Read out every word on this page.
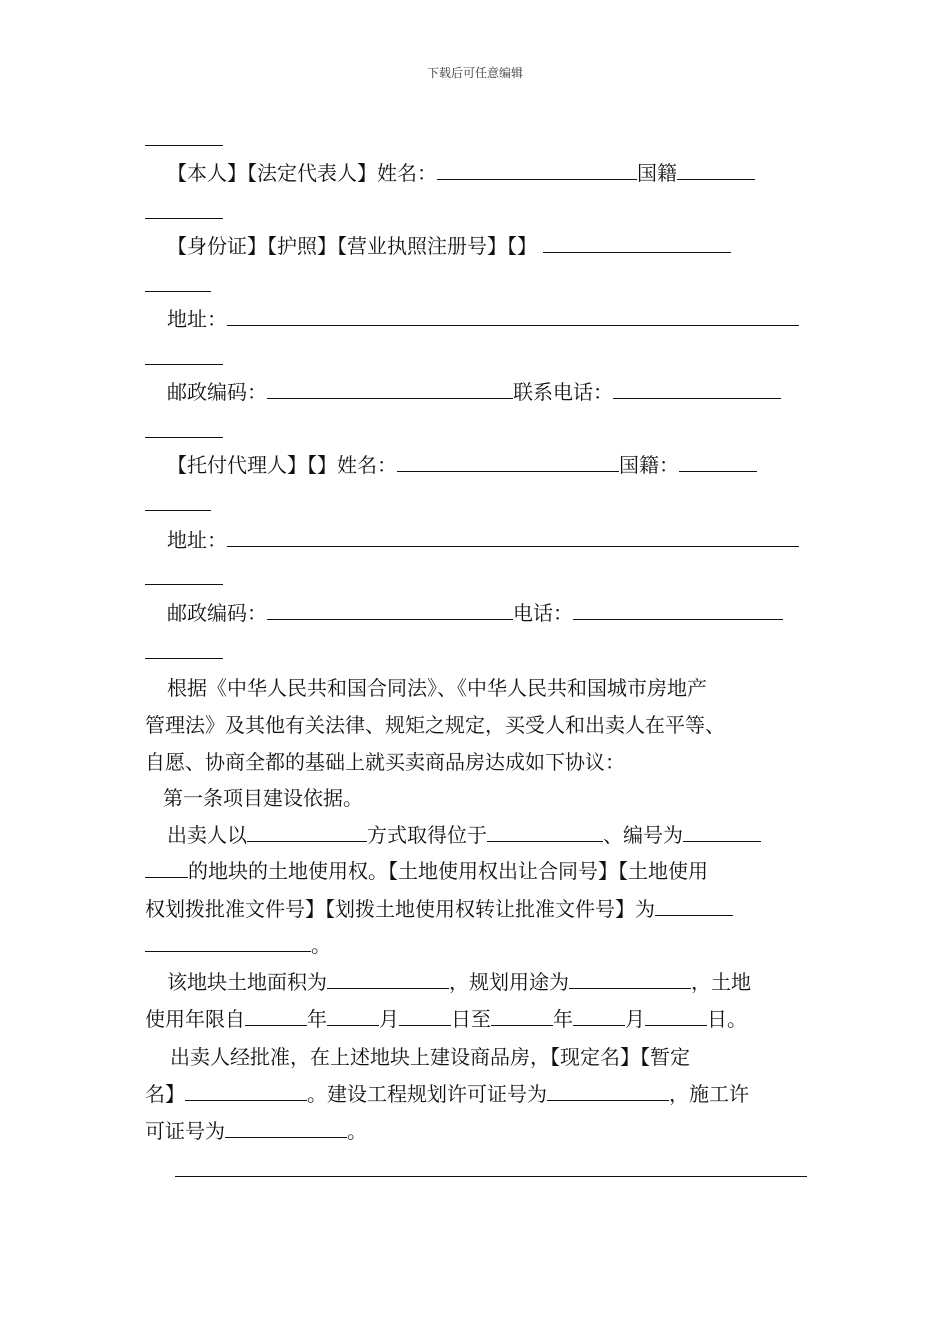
下载后可任意编辑
【本人】【法定代表人】姓名：	国籍
【身份证】【护照】【营业执照注册号】【】
地址：
邮政编码：	联系电话：
【托付代理人】【】姓名：	国籍：
地址：
邮政编码：	电话：
根据《中华人民共和国合同法》、《中华人民共和国城市房地产
管理法》及其他有关法律、规矩之规定，买受人和出卖人在平等、
自愿、协商全都的基础上就买卖商品房达成如下协议：
第一条项目建设依据。
出卖人以	方式取得位于	、编号为
的地块的土地使用权。【土地使用权出让合同号】【土地使用
权划拨批准文件号】【划拨土地使用权转让批准文件号】为
。
该地块土地面积为	，规划用途为	，土地
使用年限自	年	月	日至	年	月	日。
出卖人经批准，在上述地块上建设商品房，【现定名】【暂定
名】	。建设工程规划许可证号为	，施工许
可证号为	。
